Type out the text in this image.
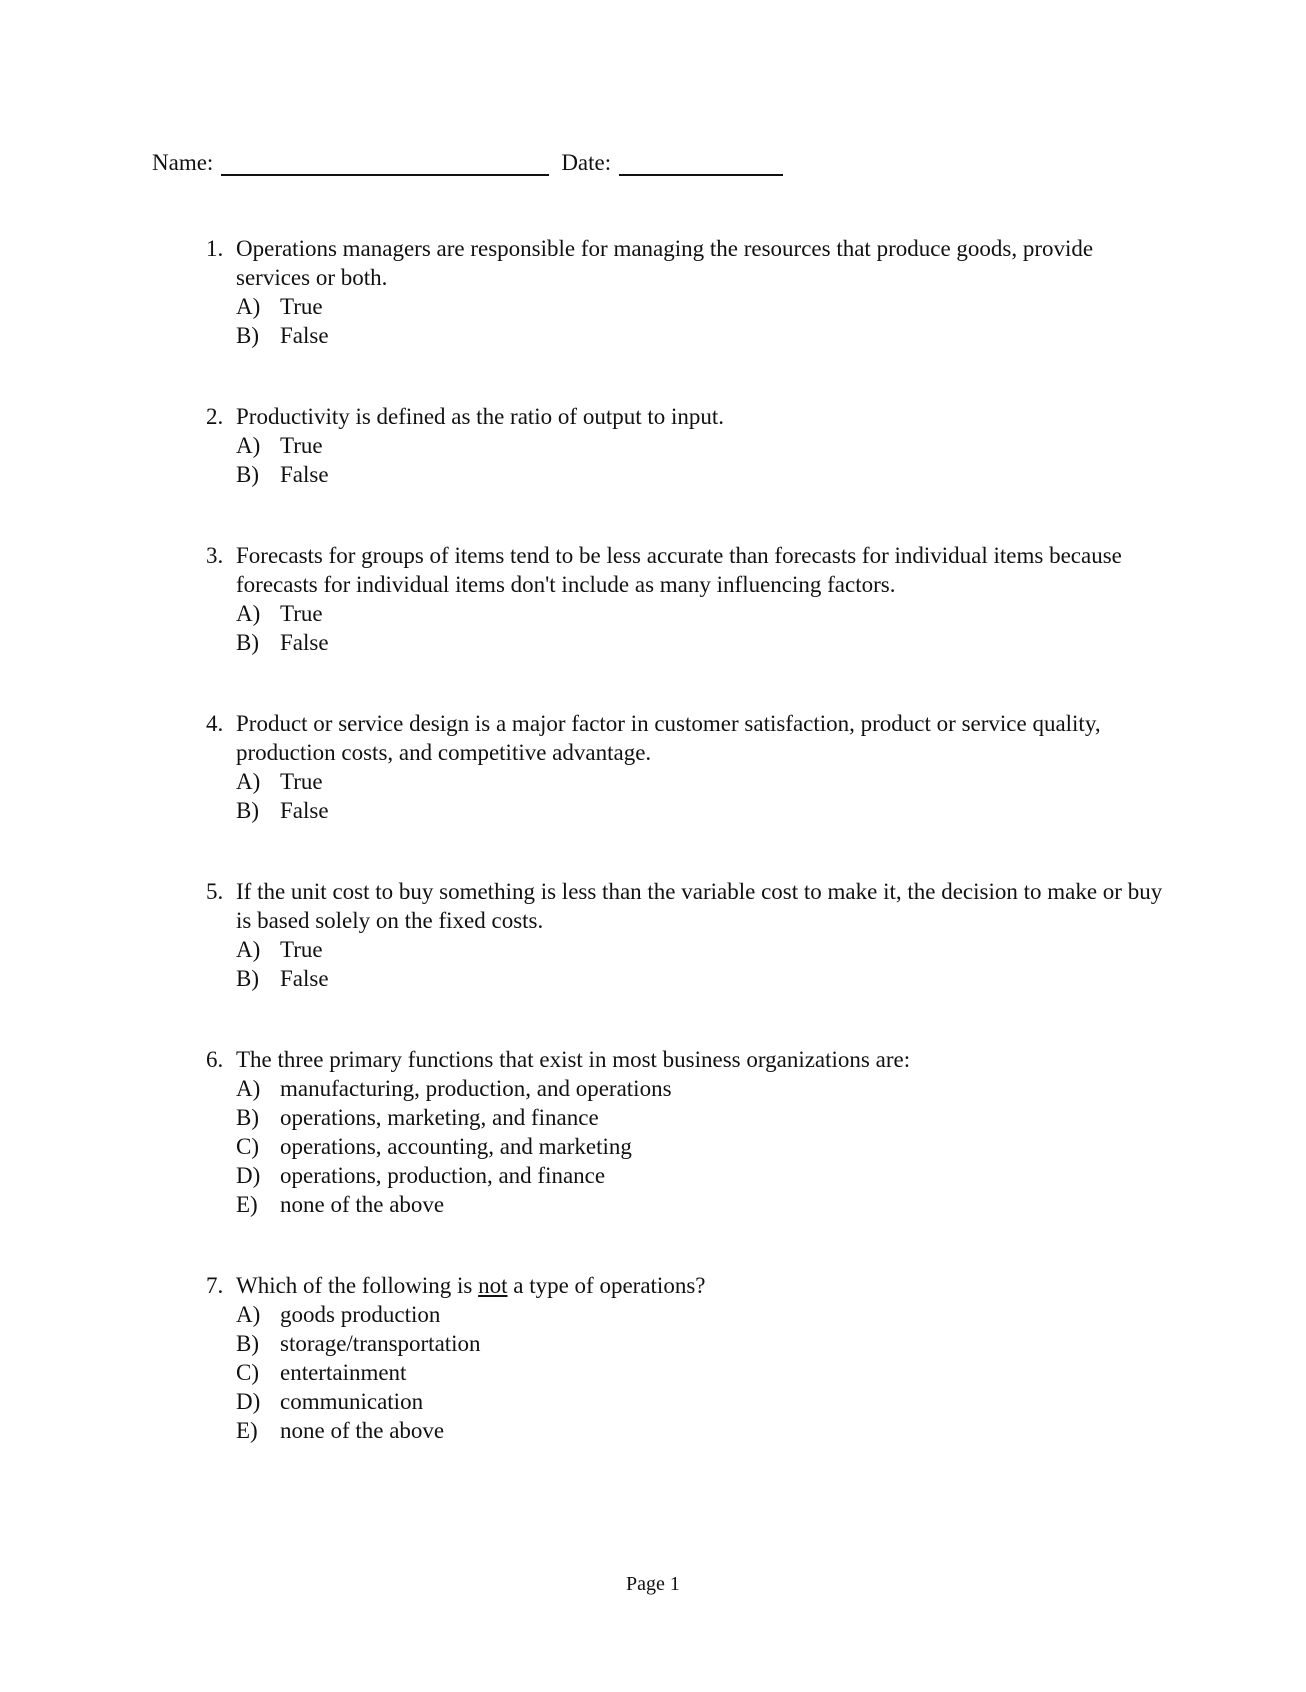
Name:	Date:
1. Operations managers are responsible for managing the resources that produce goods, provide services or both.
A) True
B) False
2. Productivity is defined as the ratio of output to input.
A) True
B) False
3. Forecasts for groups of items tend to be less accurate than forecasts for individual items because forecasts for individual items don't include as many influencing factors.
A) True
B) False
4. Product or service design is a major factor in customer satisfaction, product or service quality, production costs, and competitive advantage.
A) True
B) False
5. If the unit cost to buy something is less than the variable cost to make it, the decision to make or buy is based solely on the fixed costs.
A) True
B) False
6. The three primary functions that exist in most business organizations are:
A) manufacturing, production, and operations
B) operations, marketing, and finance
C) operations, accounting, and marketing
D) operations, production, and finance
E) none of the above
7. Which of the following is not a type of operations?
A) goods production
B) storage/transportation
C) entertainment
D) communication
E) none of the above
Page 1
